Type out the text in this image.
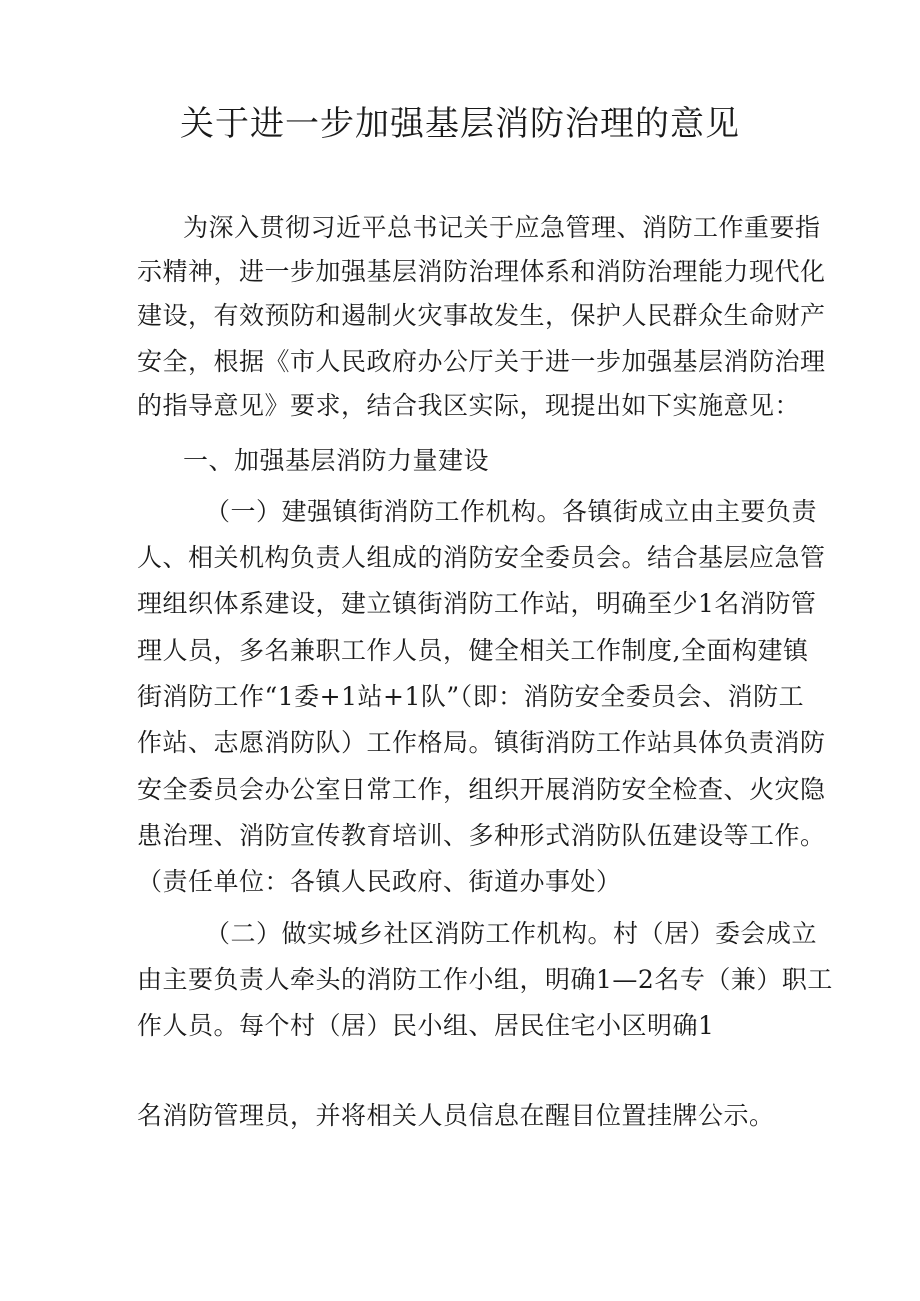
关于进一步加强基层消防治理的意见
为深入贯彻习近平总书记关于应急管理、消防工作重要指
示精神，进一步加强基层消防治理体系和消防治理能力现代化
建设，有效预防和遏制火灾事故发生，保护人民群众生命财产
安全，根据《市人民政府办公厅关于进一步加强基层消防治理
的指导意见》要求，结合我区实际，现提出如下实施意见：
一、加强基层消防力量建设
（一）建强镇街消防工作机构。各镇街成立由主要负责
人、相关机构负责人组成的消防安全委员会。结合基层应急管
理组织体系建设，建立镇街消防工作站，明确至少1名消防管
理人员，多名兼职工作人员，健全相关工作制度,全面构建镇
街消防工作“1委+1站+1队”（即：消防安全委员会、消防工
作站、志愿消防队）工作格局。镇街消防工作站具体负责消防
安全委员会办公室日常工作，组织开展消防安全检查、火灾隐
患治理、消防宣传教育培训、多种形式消防队伍建设等工作。
（责任单位：各镇人民政府、街道办事处）
（二）做实城乡社区消防工作机构。村（居）委会成立
由主要负责人牵头的消防工作小组，明确1—2名专（兼）职工
作人员。每个村（居）民小组、居民住宅小区明确1
名消防管理员，并将相关人员信息在醒目位置挂牌公示。
